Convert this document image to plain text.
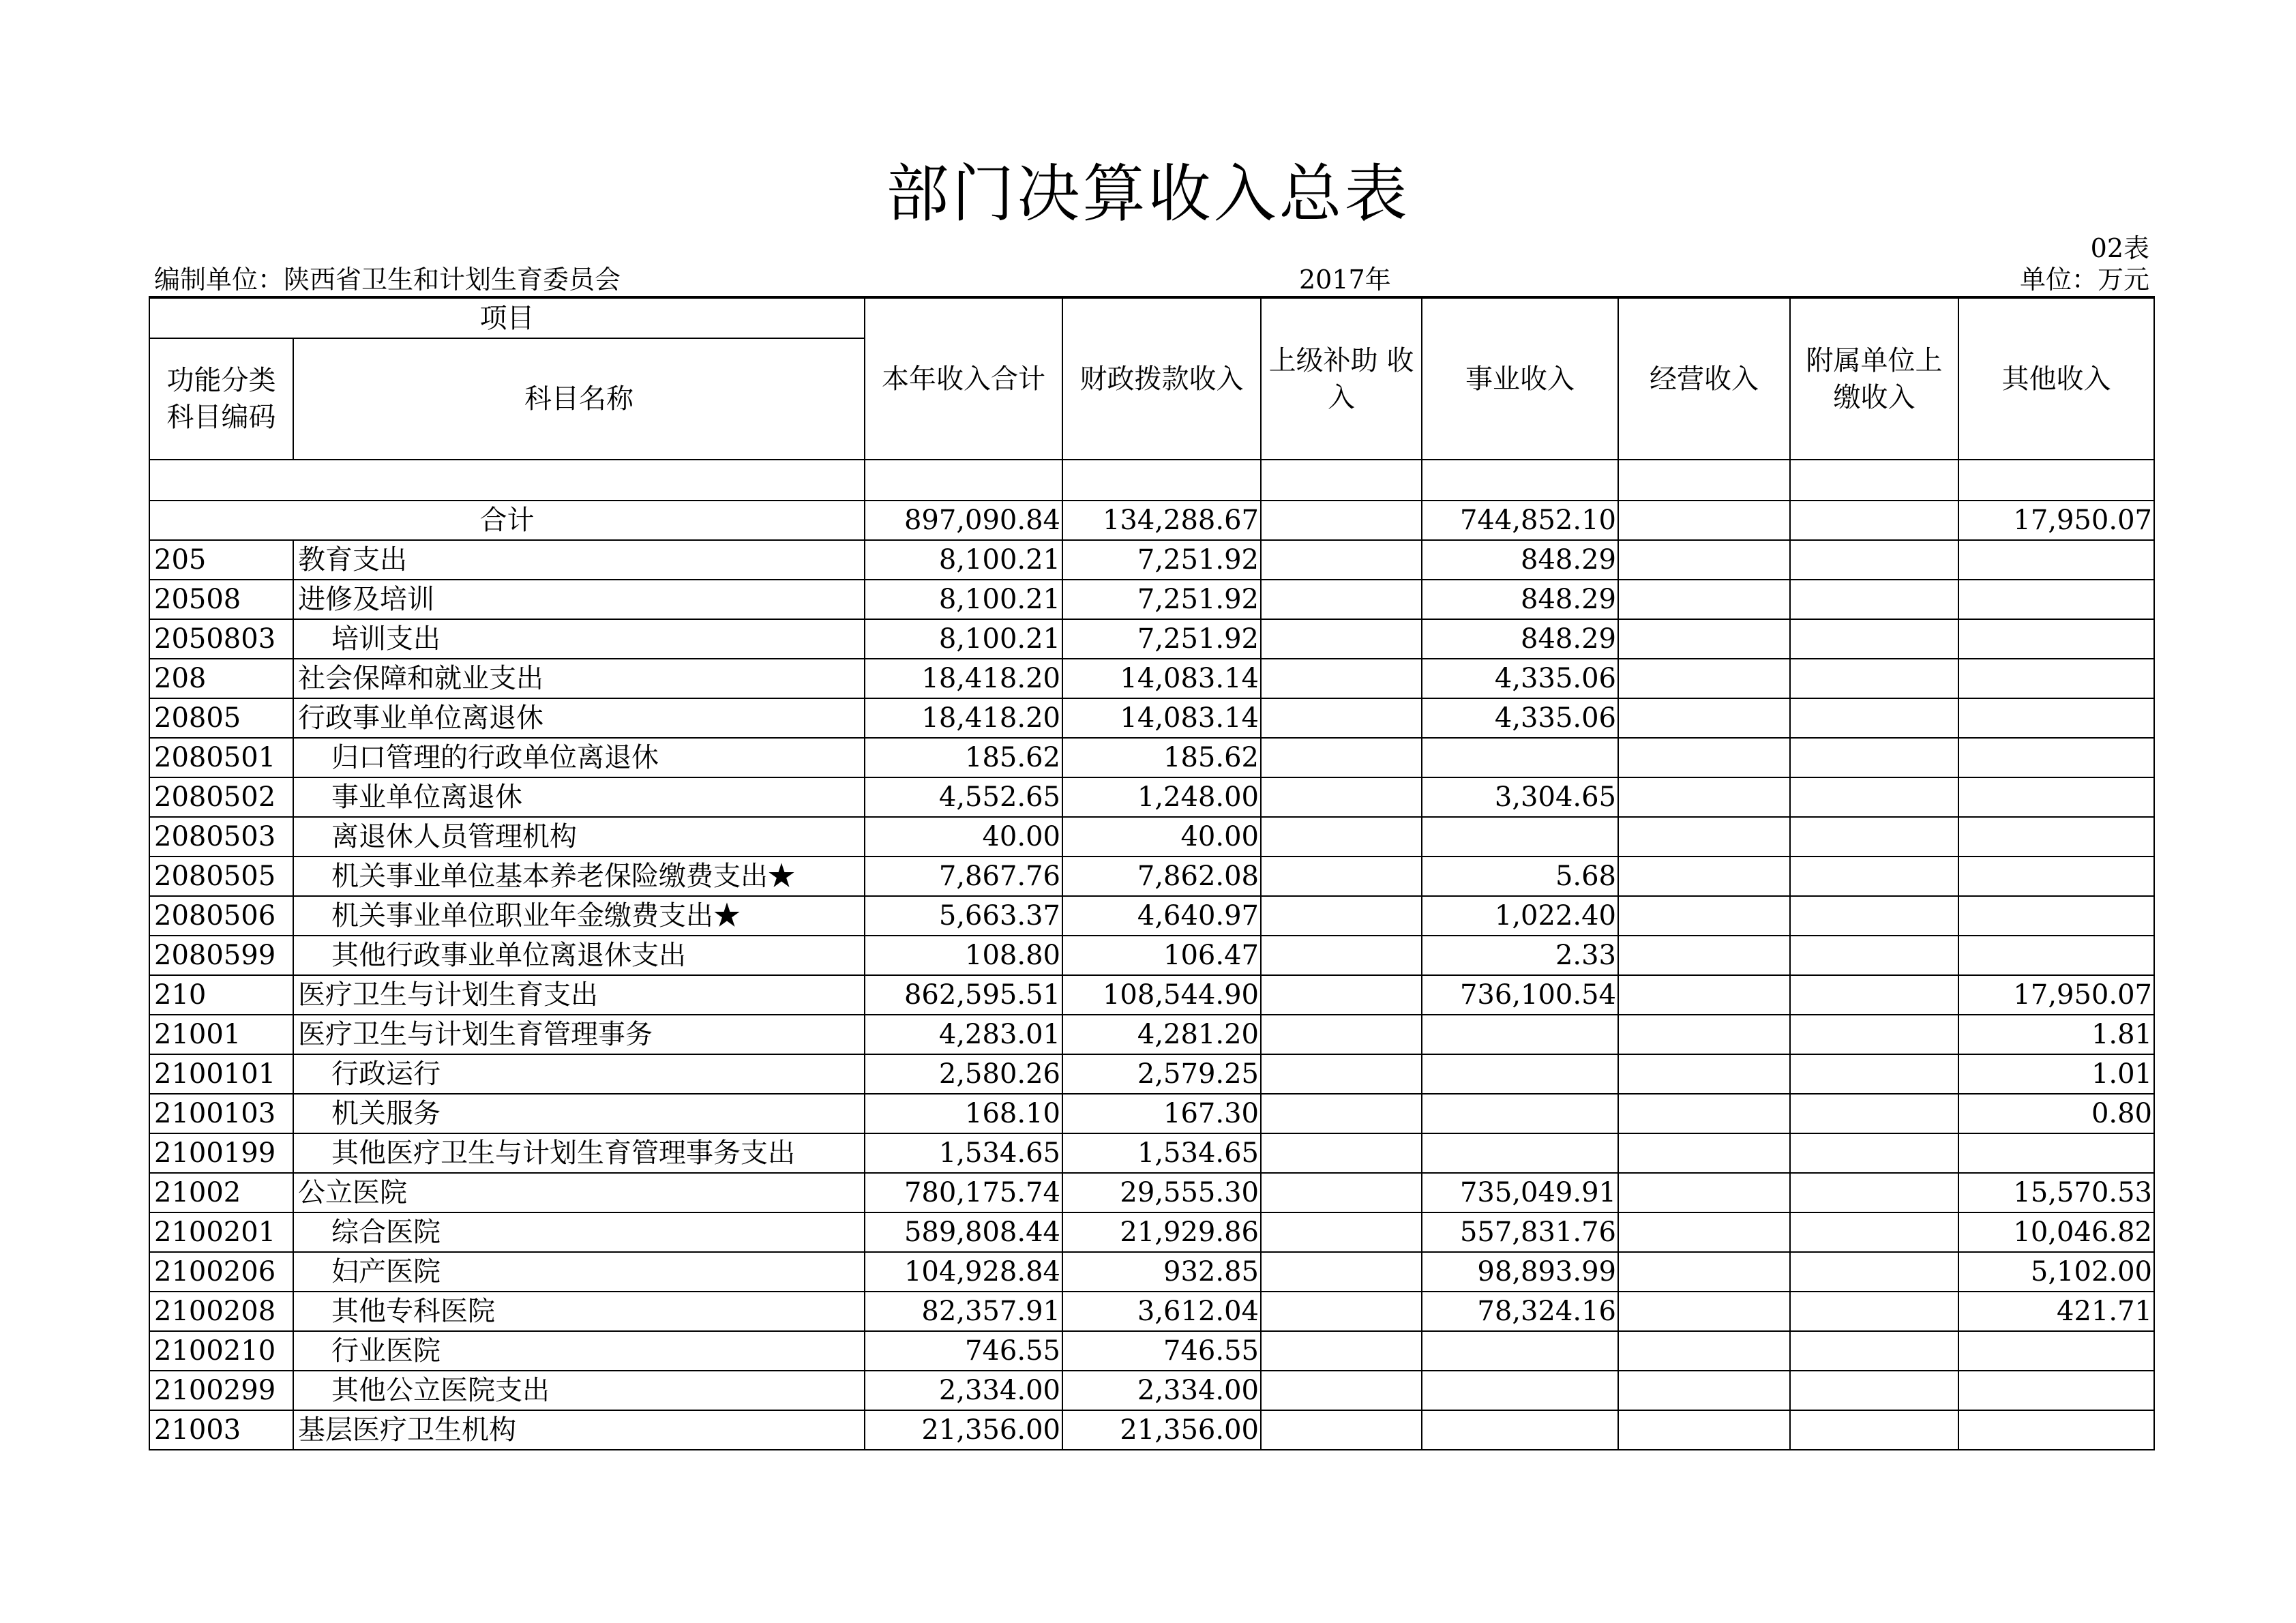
部门决算收入总表
02表
编制单位：陕西省卫生和计划生育委员会	2017年	单位：万元
项目		本年收入合计	财政拨款收入	上级补助 收入	事业收入	经营收入	附属单位上 缴收入	其他收入
功能分类 科目编码	科目名称							

合计		897,090.84	134,288.67		744,852.10			17,950.07
205	教育支出	8,100.21	7,251.92		848.29			
20508	进修及培训	8,100.21	7,251.92		848.29			
2050803	培训支出	8,100.21	7,251.92		848.29			
208	社会保障和就业支出	18,418.20	14,083.14		4,335.06			
20805	行政事业单位离退休	18,418.20	14,083.14		4,335.06			
2080501	归口管理的行政单位离退休	185.62	185.62					
2080502	事业单位离退休	4,552.65	1,248.00		3,304.65			
2080503	离退休人员管理机构	40.00	40.00					
2080505	机关事业单位基本养老保险缴费支出★	7,867.76	7,862.08		5.68			
2080506	机关事业单位职业年金缴费支出★	5,663.37	4,640.97		1,022.40			
2080599	其他行政事业单位离退休支出	108.80	106.47		2.33			
210	医疗卫生与计划生育支出	862,595.51	108,544.90		736,100.54			17,950.07
21001	医疗卫生与计划生育管理事务	4,283.01	4,281.20					1.81
2100101	行政运行	2,580.26	2,579.25					1.01
2100103	机关服务	168.10	167.30					0.80
2100199	其他医疗卫生与计划生育管理事务支出	1,534.65	1,534.65					
21002	公立医院	780,175.74	29,555.30		735,049.91			15,570.53
2100201	综合医院	589,808.44	21,929.86		557,831.76			10,046.82
2100206	妇产医院	104,928.84	932.85		98,893.99			5,102.00
2100208	其他专科医院	82,357.91	3,612.04		78,324.16			421.71
2100210	行业医院	746.55	746.55					
2100299	其他公立医院支出	2,334.00	2,334.00					
21003	基层医疗卫生机构	21,356.00	21,356.00					
